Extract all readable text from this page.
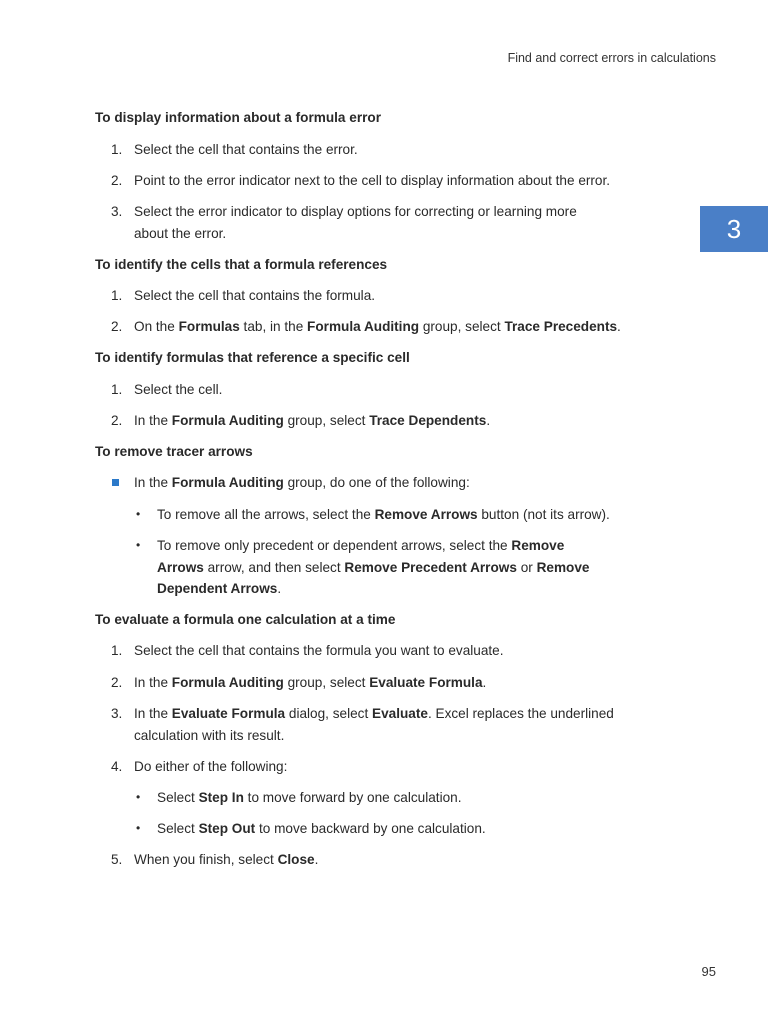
Find and correct errors in calculations
3
95
To display information about a formula error
1. Select the cell that contains the error.
2. Point to the error indicator next to the cell to display information about the error.
3. Select the error indicator to display options for correcting or learning more about the error.
To identify the cells that a formula references
1. Select the cell that contains the formula.
2. On the Formulas tab, in the Formula Auditing group, select Trace Precedents.
To identify formulas that reference a specific cell
1. Select the cell.
2. In the Formula Auditing group, select Trace Dependents.
To remove tracer arrows
In the Formula Auditing group, do one of the following:
• To remove all the arrows, select the Remove Arrows button (not its arrow).
• To remove only precedent or dependent arrows, select the Remove Arrows arrow, and then select Remove Precedent Arrows or Remove Dependent Arrows.
To evaluate a formula one calculation at a time
1. Select the cell that contains the formula you want to evaluate.
2. In the Formula Auditing group, select Evaluate Formula.
3. In the Evaluate Formula dialog, select Evaluate. Excel replaces the underlined calculation with its result.
4. Do either of the following:
• Select Step In to move forward by one calculation.
• Select Step Out to move backward by one calculation.
5. When you finish, select Close.
